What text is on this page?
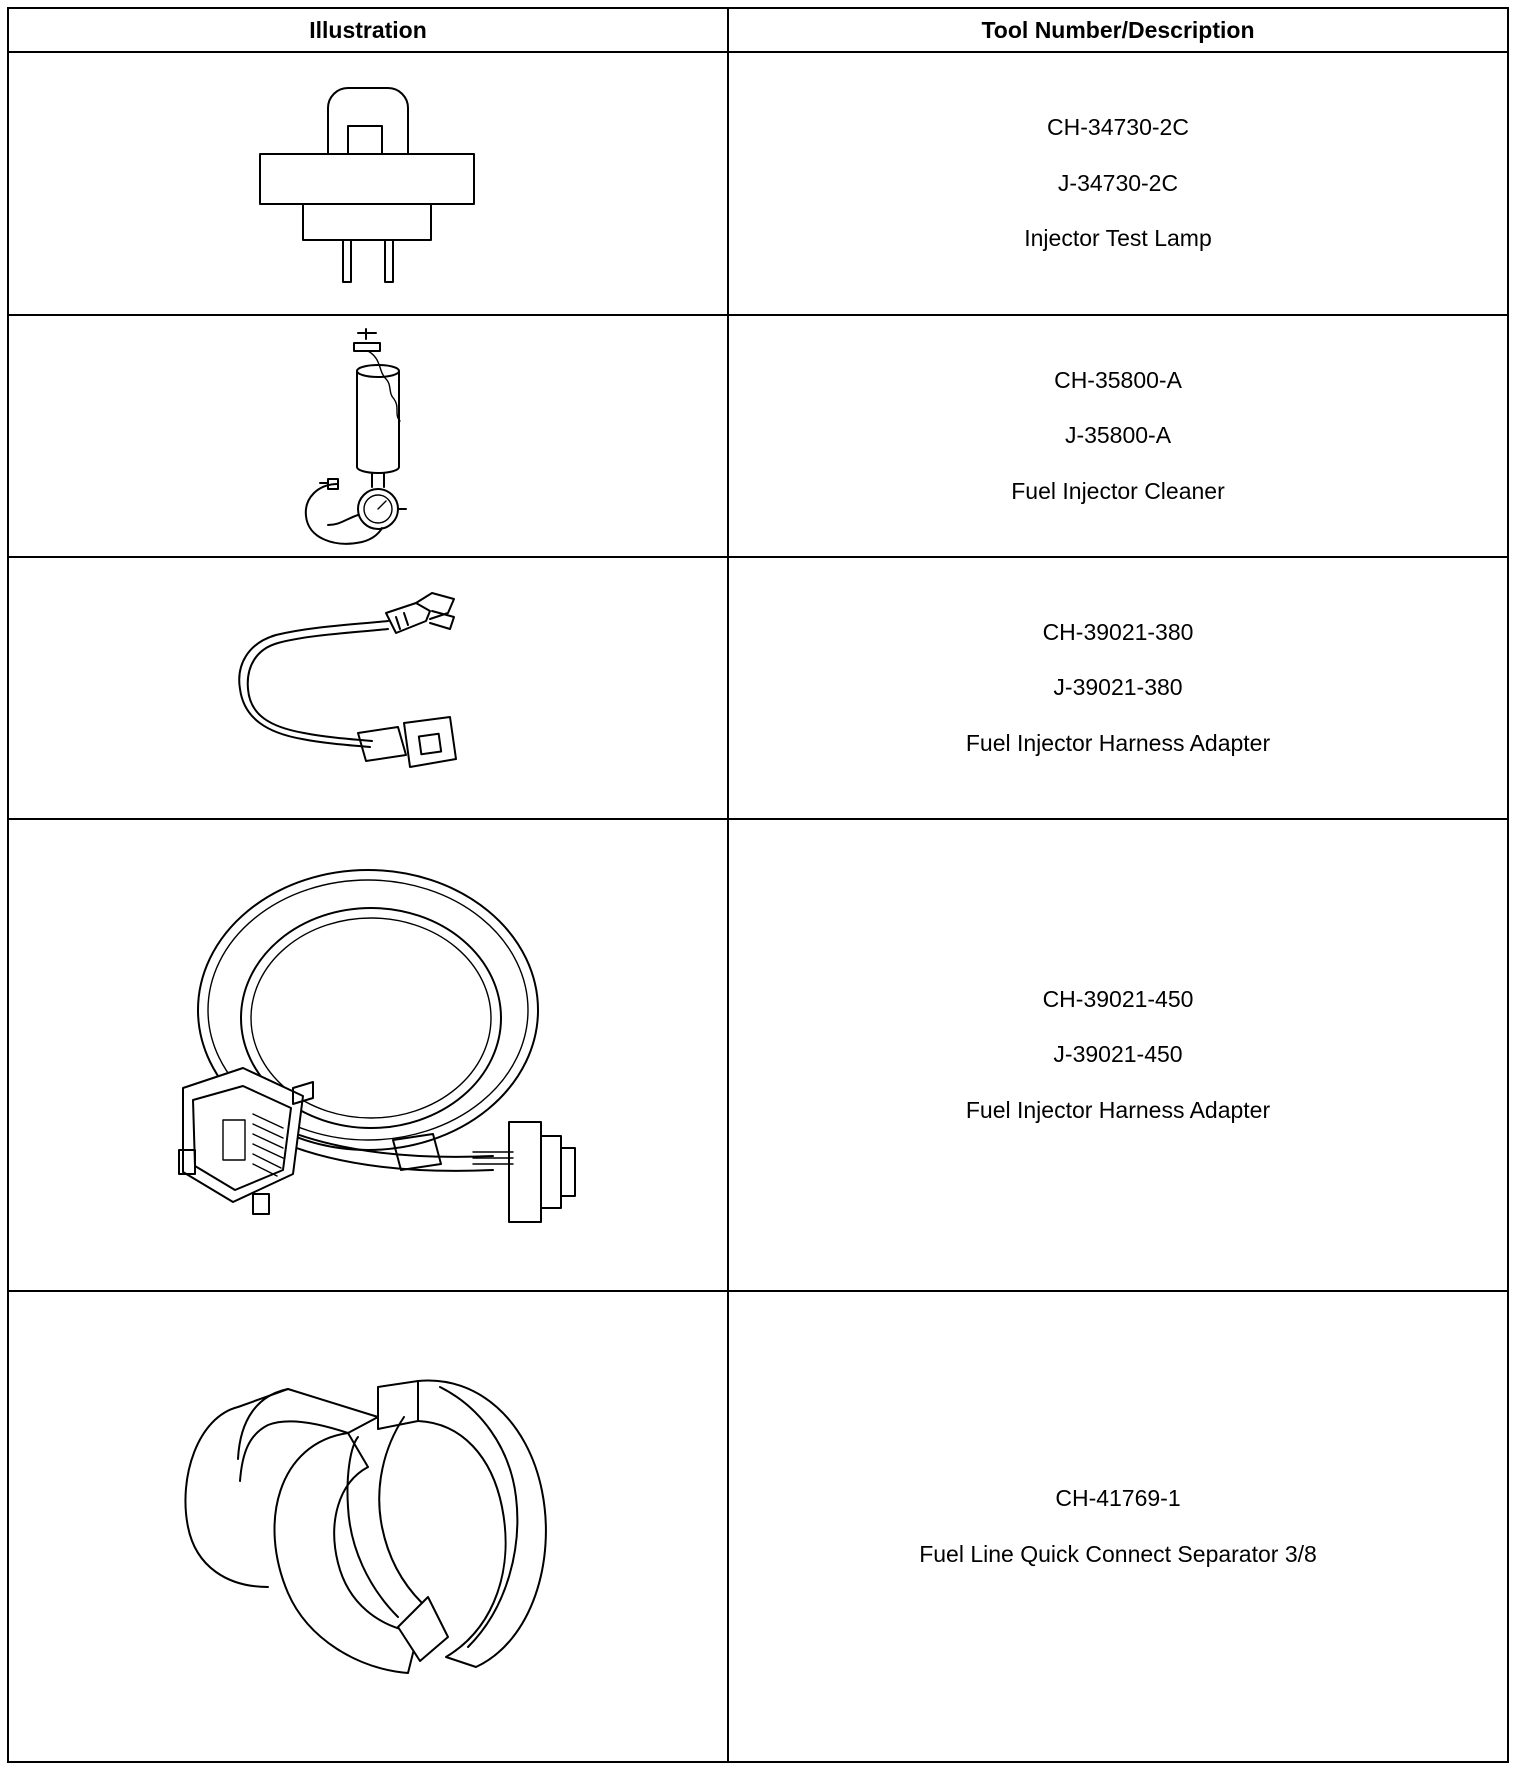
Illustration	Tool Number/Description

CH-34730-2C
J-34730-2C
Injector Test Lamp

CH-35800-A
J-35800-A
Fuel Injector Cleaner

CH-39021-380
J-39021-380
Fuel Injector Harness Adapter

CH-39021-450
J-39021-450
Fuel Injector Harness Adapter

CH-41769-1
Fuel Line Quick Connect Separator 3/8
